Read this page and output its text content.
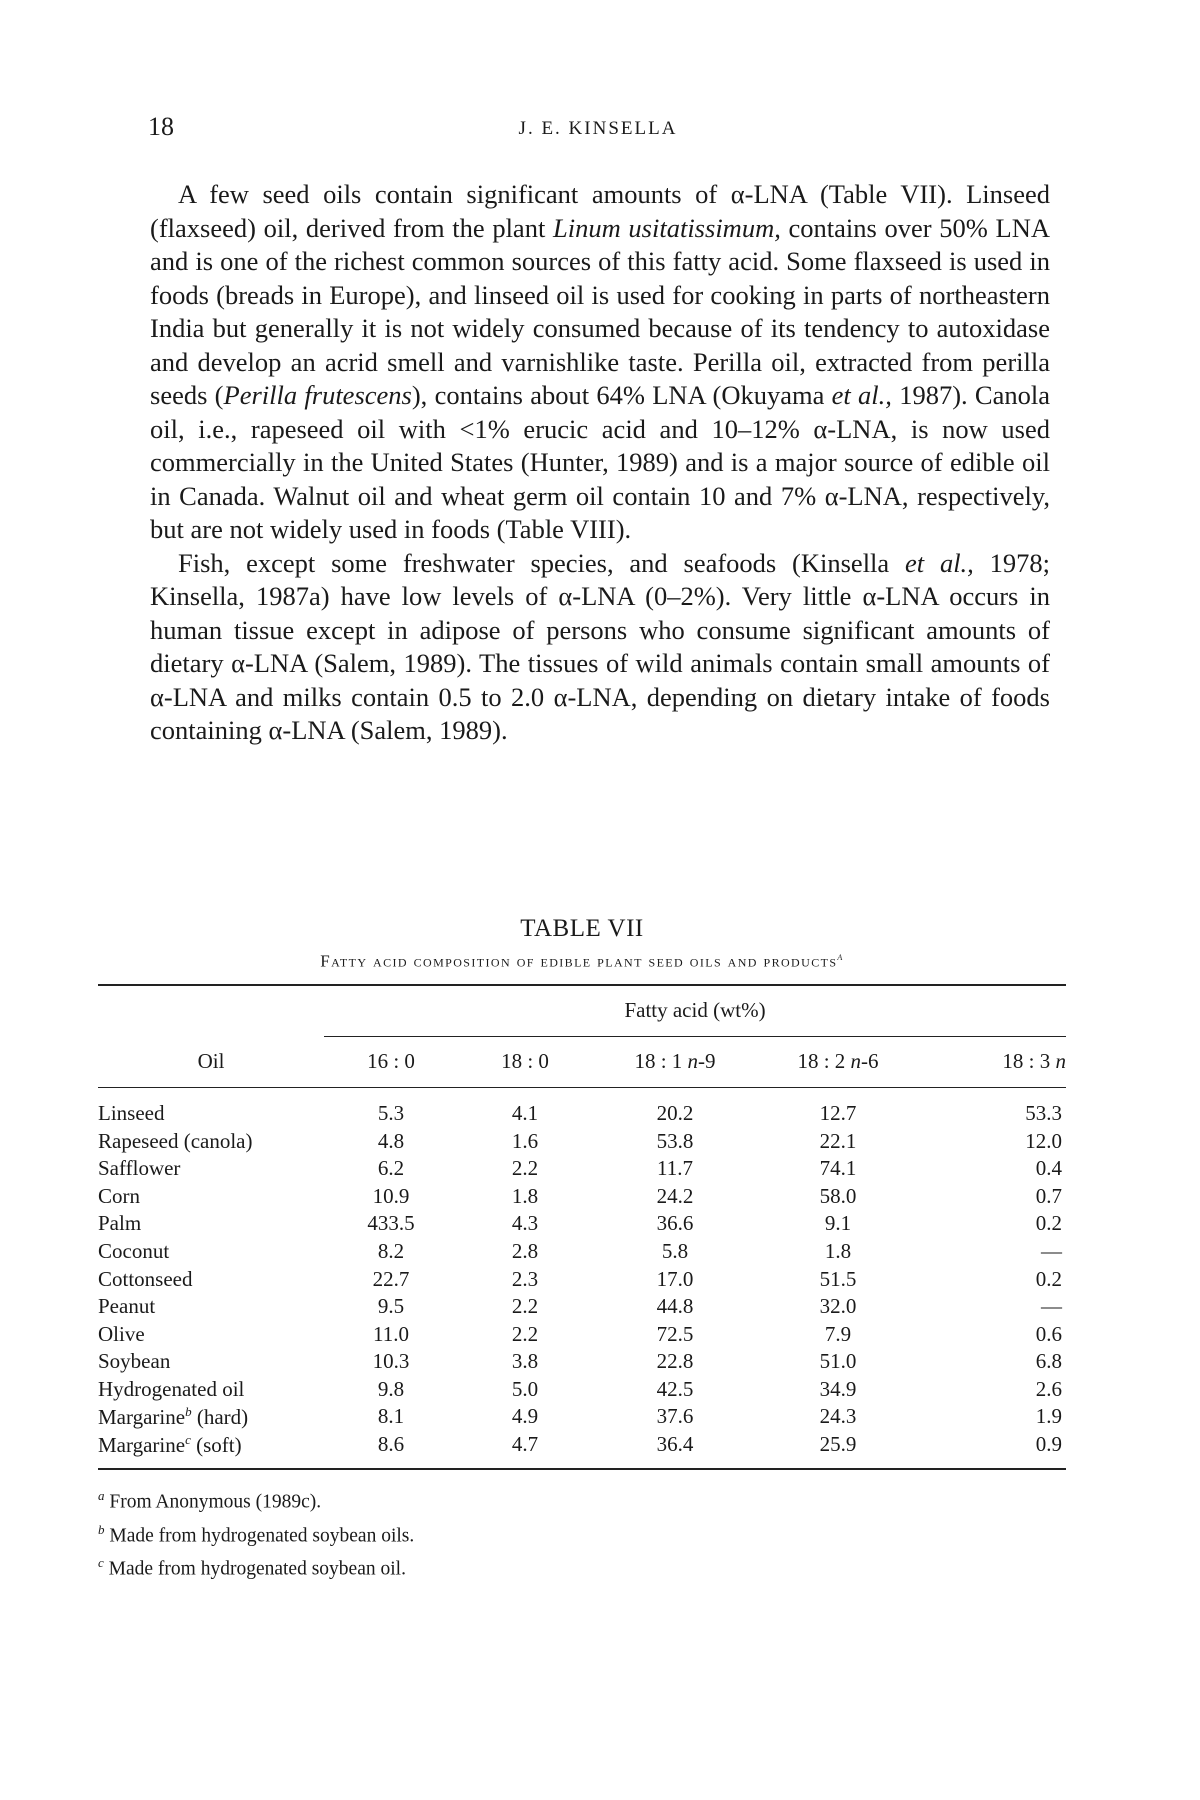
18	J. E. KINSELLA

A few seed oils contain significant amounts of α-LNA (Table VII). Linseed (flaxseed) oil, derived from the plant Linum usitatissimum, contains over 50% LNA and is one of the richest common sources of this fatty acid. Some flaxseed is used in foods (breads in Europe), and linseed oil is used for cooking in parts of northeastern India but generally it is not widely consumed because of its tendency to autoxidase and develop an acrid smell and varnishlike taste. Perilla oil, extracted from perilla seeds (Perilla frutescens), contains about 64% LNA (Okuyama et al., 1987). Canola oil, i.e., rapeseed oil with <1% erucic acid and 10–12% α-LNA, is now used commercially in the United States (Hunter, 1989) and is a major source of edible oil in Canada. Walnut oil and wheat germ oil contain 10 and 7% α-LNA, respectively, but are not widely used in foods (Table VIII).

Fish, except some freshwater species, and seafoods (Kinsella et al., 1978; Kinsella, 1987a) have low levels of α-LNA (0–2%). Very little α-LNA occurs in human tissue except in adipose of persons who consume significant amounts of dietary α-LNA (Salem, 1989). The tissues of wild animals contain small amounts of α-LNA and milks contain 0.5 to 2.0 α-LNA, depending on dietary intake of foods containing α-LNA (Salem, 1989).

TABLE VII
Fatty acid composition of edible plant seed oils and products$^a$
	Fatty acid (wt%)				
Oil	16 : 0	18 : 0	18 : 1 n-9	18 : 2 n-6	18 : 3 n

Linseed	5.3	4.1	20.2	12.7	53.3
Rapeseed (canola)	4.8	1.6	53.8	22.1	12.0
Safflower	6.2	2.2	11.7	74.1	0.4
Corn	10.9	1.8	24.2	58.0	0.7
Palm	433.5	4.3	36.6	9.1	0.2
Coconut	8.2	2.8	5.8	1.8	—
Cottonseed	22.7	2.3	17.0	51.5	0.2
Peanut	9.5	2.2	44.8	32.0	—
Olive	11.0	2.2	72.5	7.9	0.6
Soybean	10.3	3.8	22.8	51.0	6.8
Hydrogenated oil	9.8	5.0	42.5	34.9	2.6
Margarine$^b$ (hard)	8.1	4.9	37.6	24.3	1.9
Margarine$^c$ (soft)	8.6	4.7	36.4	25.9	0.9

$^a$ From Anonymous (1989c).
$^b$ Made from hydrogenated soybean oils.
$^c$ Made from hydrogenated soybean oil.
